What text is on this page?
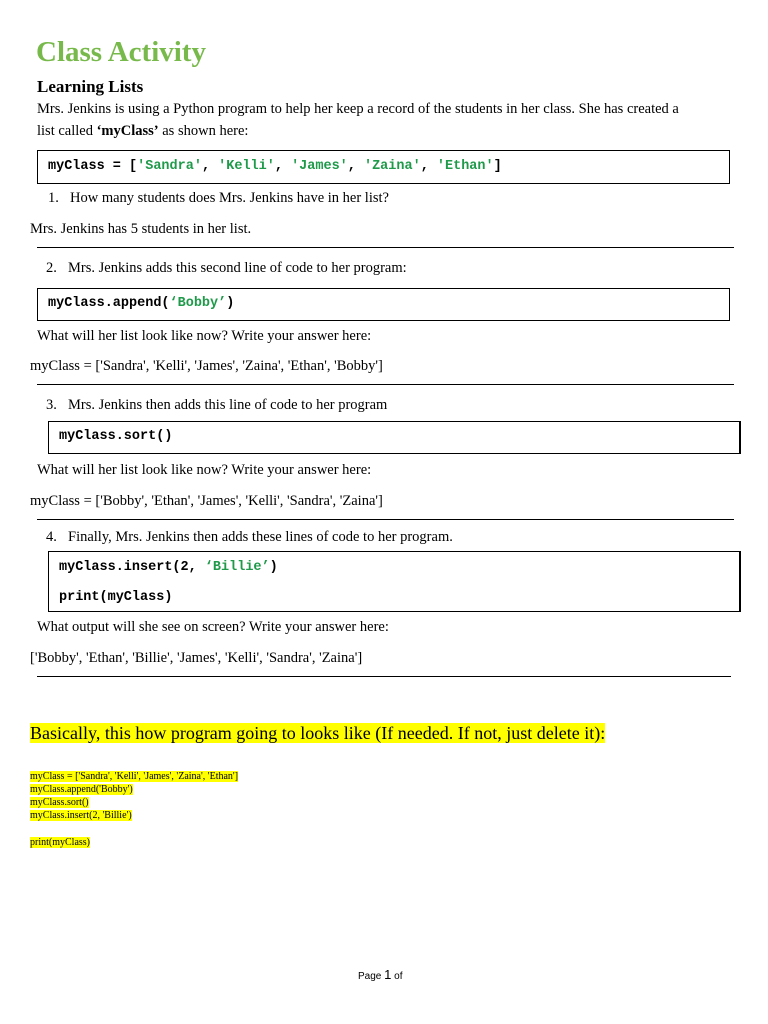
Class Activity
Learning Lists
Mrs. Jenkins is using a Python program to help her keep a record of the students in her class. She has created a
list called ‘myClass’ as shown here:
myClass = ['Sandra', 'Kelli', 'James', 'Zaina', 'Ethan']
1. How many students does Mrs. Jenkins have in her list?
Mrs. Jenkins has 5 students in her list.
2. Mrs. Jenkins adds this second line of code to her program:
myClass.append(‘Bobby’)
What will her list look like now? Write your answer here:
myClass = ['Sandra', 'Kelli', 'James', 'Zaina', 'Ethan', 'Bobby']
3. Mrs. Jenkins then adds this line of code to her program
myClass.sort()
What will her list look like now? Write your answer here:
myClass = ['Bobby', 'Ethan', 'James', 'Kelli', 'Sandra', 'Zaina']
4. Finally, Mrs. Jenkins then adds these lines of code to her program.
myClass.insert(2, ‘Billie’)
print(myClass)
What output will she see on screen? Write your answer here:
['Bobby', 'Ethan', 'Billie', 'James', 'Kelli', 'Sandra', 'Zaina']
Basically, this how program going to looks like (If needed. If not, just delete it):
myClass = ['Sandra', 'Kelli', 'James', 'Zaina', 'Ethan']
myClass.append('Bobby')
myClass.sort()
myClass.insert(2, 'Billie')
print(myClass)
Page 1 of
